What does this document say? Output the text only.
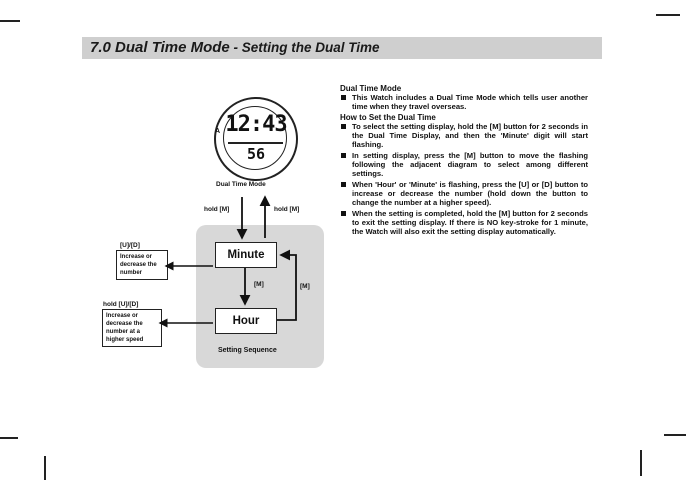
7.0 Dual Time Mode - Setting the Dual Time
A 12:43
56
Dual Time Mode
hold [M]	hold [M]
Minute
Hour
[M]	[M]
Setting Sequence
[U]/[D]
Increase or
decrease the
number
hold [U]/[D]
Increase or
decrease the
number at a
higher speed
Dual Time Mode
This Watch includes a Dual Time Mode which tells user another time when they travel overseas.
How to Set the Dual Time
To select the setting display, hold the [M] button for 2 seconds in the Dual Time Display, and then the 'Minute' digit will start flashing.
In setting display, press the [M] button to move the flashing following the adjacent diagram to select among different settings.
When 'Hour' or 'Minute' is flashing, press the [U] or [D] button to increase or decrease the number (hold down the button to change the number at a higher speed).
When the setting is completed, hold the [M] button for 2 seconds to exit the setting display. If there is NO key-stroke for 1 minute, the Watch will also exit the setting display automatically.
